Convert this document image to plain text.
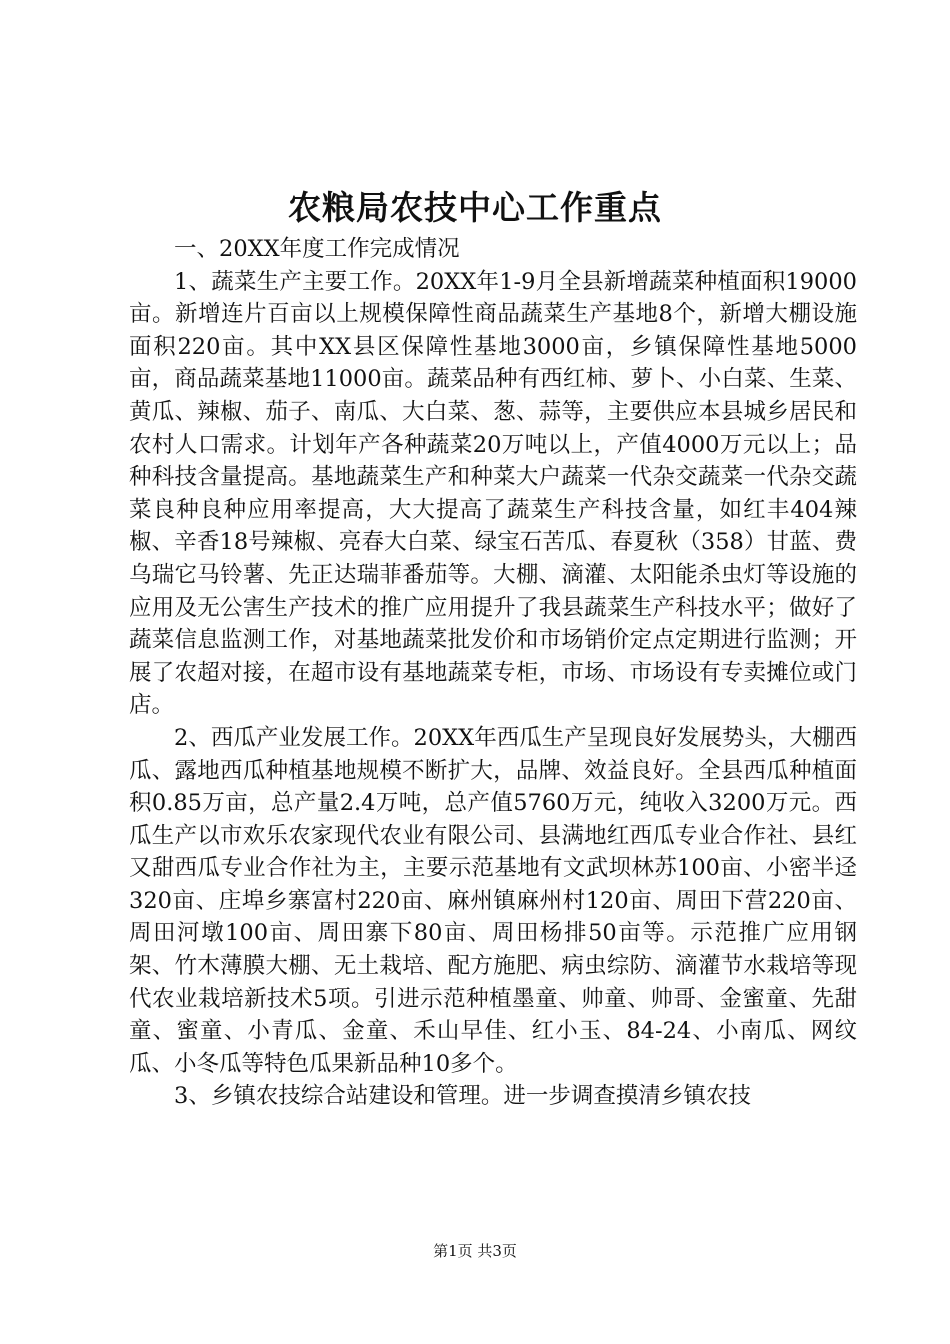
农粮局农技中心工作重点

一、20XX年度工作完成情况

1、蔬菜生产主要工作。20XX年1-9月全县新增蔬菜种植面积19000亩。新增连片百亩以上规模保障性商品蔬菜生产基地8个，新增大棚设施面积220亩。其中XX县区保障性基地3000亩，乡镇保障性基地5000亩，商品蔬菜基地11000亩。蔬菜品种有西红柿、萝卜、小白菜、生菜、黄瓜、辣椒、茄子、南瓜、大白菜、葱、蒜等，主要供应本县城乡居民和农村人口需求。计划年产各种蔬菜20万吨以上，产值4000万元以上；品种科技含量提高。基地蔬菜生产和种菜大户蔬菜一代杂交蔬菜一代杂交蔬菜良种良种应用率提高，大大提高了蔬菜生产科技含量，如红丰404辣椒、辛香18号辣椒、亮春大白菜、绿宝石苦瓜、春夏秋（358）甘蓝、费乌瑞它马铃薯、先正达瑞菲番茄等。大棚、滴灌、太阳能杀虫灯等设施的应用及无公害生产技术的推广应用提升了我县蔬菜生产科技水平；做好了蔬菜信息监测工作，对基地蔬菜批发价和市场销价定点定期进行监测；开展了农超对接，在超市设有基地蔬菜专柜，市场、市场设有专卖摊位或门店。

2、西瓜产业发展工作。20XX年西瓜生产呈现良好发展势头，大棚西瓜、露地西瓜种植基地规模不断扩大，品牌、效益良好。全县西瓜种植面积0.85万亩，总产量2.4万吨，总产值5760万元，纯收入3200万元。西瓜生产以市欢乐农家现代农业有限公司、县满地红西瓜专业合作社、县红又甜西瓜专业合作社为主，主要示范基地有文武坝林苏100亩、小密半迳320亩、庄埠乡寨富村220亩、麻州镇麻州村120亩、周田下营220亩、周田河墩100亩、周田寨下80亩、周田杨排50亩等。示范推广应用钢架、竹木薄膜大棚、无土栽培、配方施肥、病虫综防、滴灌节水栽培等现代农业栽培新技术5项。引进示范种植墨童、帅童、帅哥、金蜜童、先甜童、蜜童、小青瓜、金童、禾山早佳、红小玉、84-24、小南瓜、网纹瓜、小冬瓜等特色瓜果新品种10多个。

3、乡镇农技综合站建设和管理。进一步调查摸清乡镇农技

第1页 共3页
